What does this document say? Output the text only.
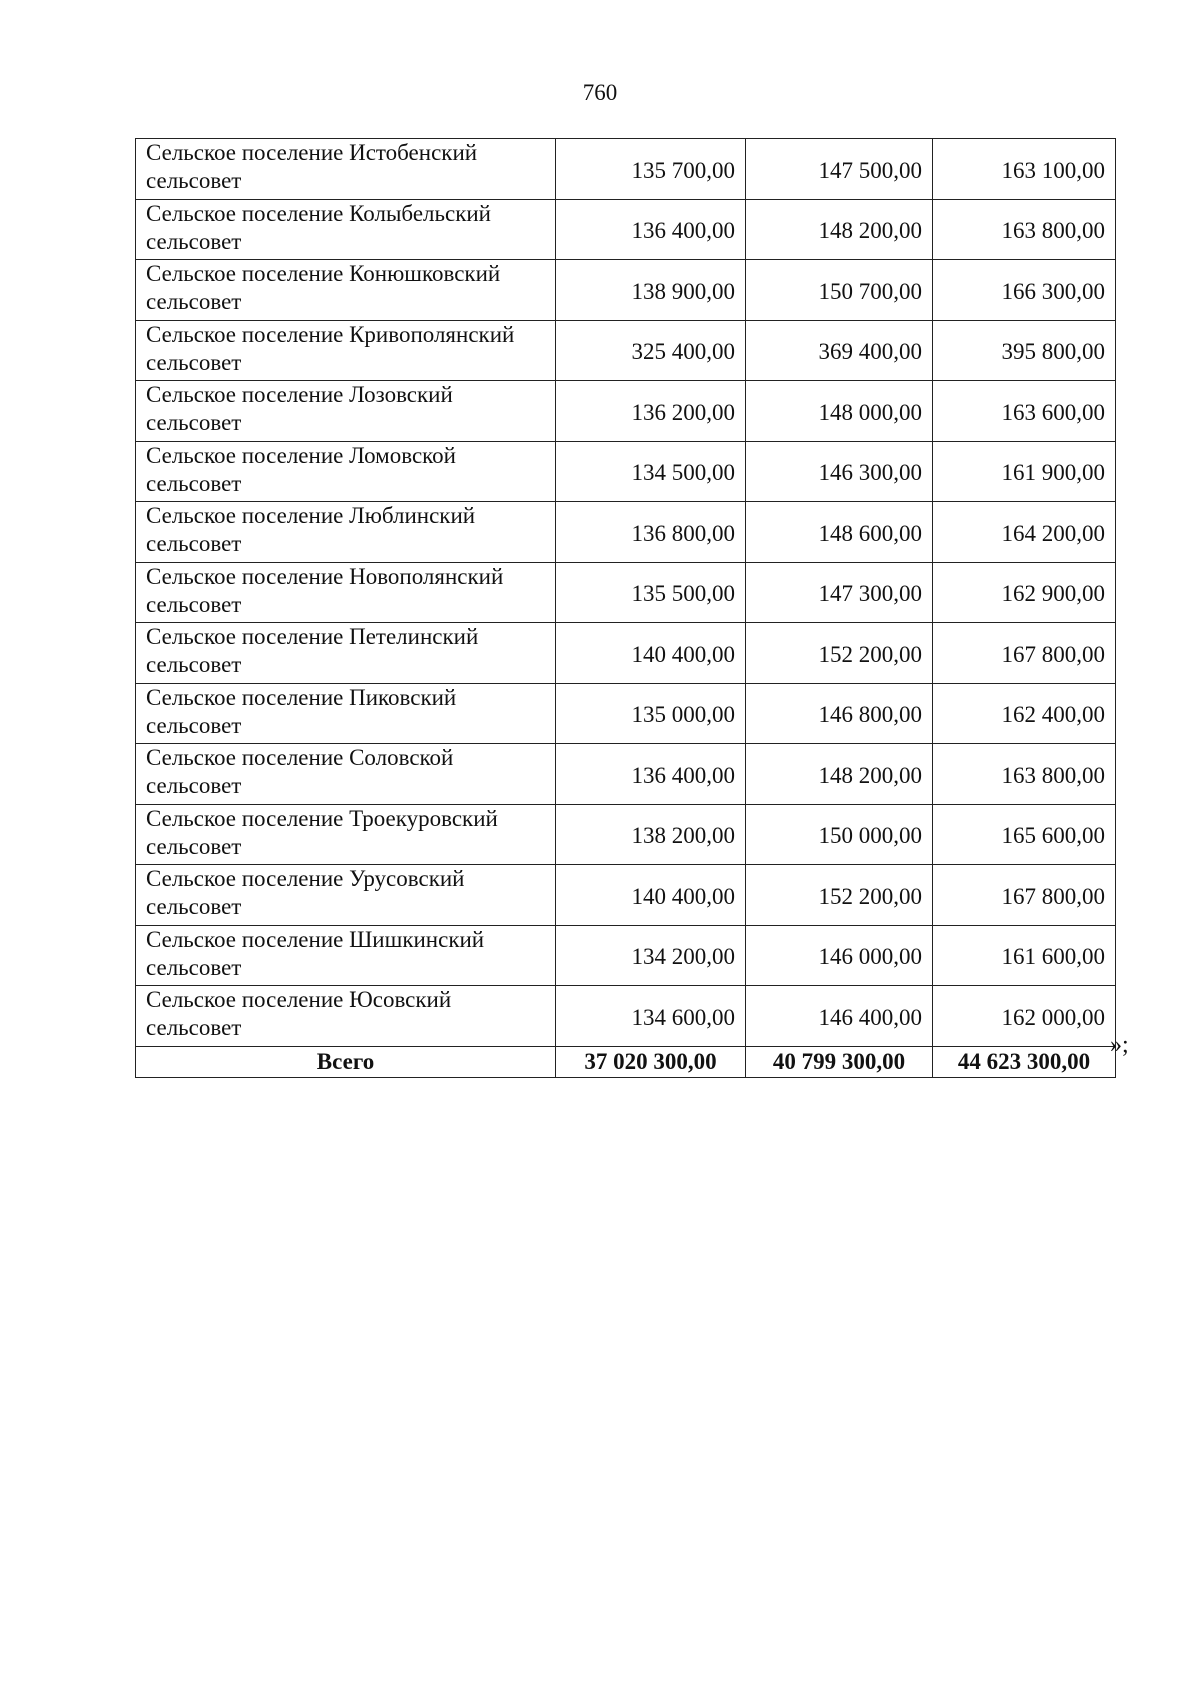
760
Сельское поселение Истобенский сельсовет	135 700,00	147 500,00	163 100,00
Сельское поселение Колыбельский сельсовет	136 400,00	148 200,00	163 800,00
Сельское поселение Конюшковский сельсовет	138 900,00	150 700,00	166 300,00
Сельское поселение Кривополянский сельсовет	325 400,00	369 400,00	395 800,00
Сельское поселение Лозовский сельсовет	136 200,00	148 000,00	163 600,00
Сельское поселение Ломовской сельсовет	134 500,00	146 300,00	161 900,00
Сельское поселение Люблинский сельсовет	136 800,00	148 600,00	164 200,00
Сельское поселение Новополянский сельсовет	135 500,00	147 300,00	162 900,00
Сельское поселение Петелинский сельсовет	140 400,00	152 200,00	167 800,00
Сельское поселение Пиковский сельсовет	135 000,00	146 800,00	162 400,00
Сельское поселение Соловской сельсовет	136 400,00	148 200,00	163 800,00
Сельское поселение Троекуровский сельсовет	138 200,00	150 000,00	165 600,00
Сельское поселение Урусовский сельсовет	140 400,00	152 200,00	167 800,00
Сельское поселение Шишкинский сельсовет	134 200,00	146 000,00	161 600,00
Сельское поселение Юсовский сельсовет	134 600,00	146 400,00	162 000,00
Всего	37 020 300,00	40 799 300,00	44 623 300,00
»;
